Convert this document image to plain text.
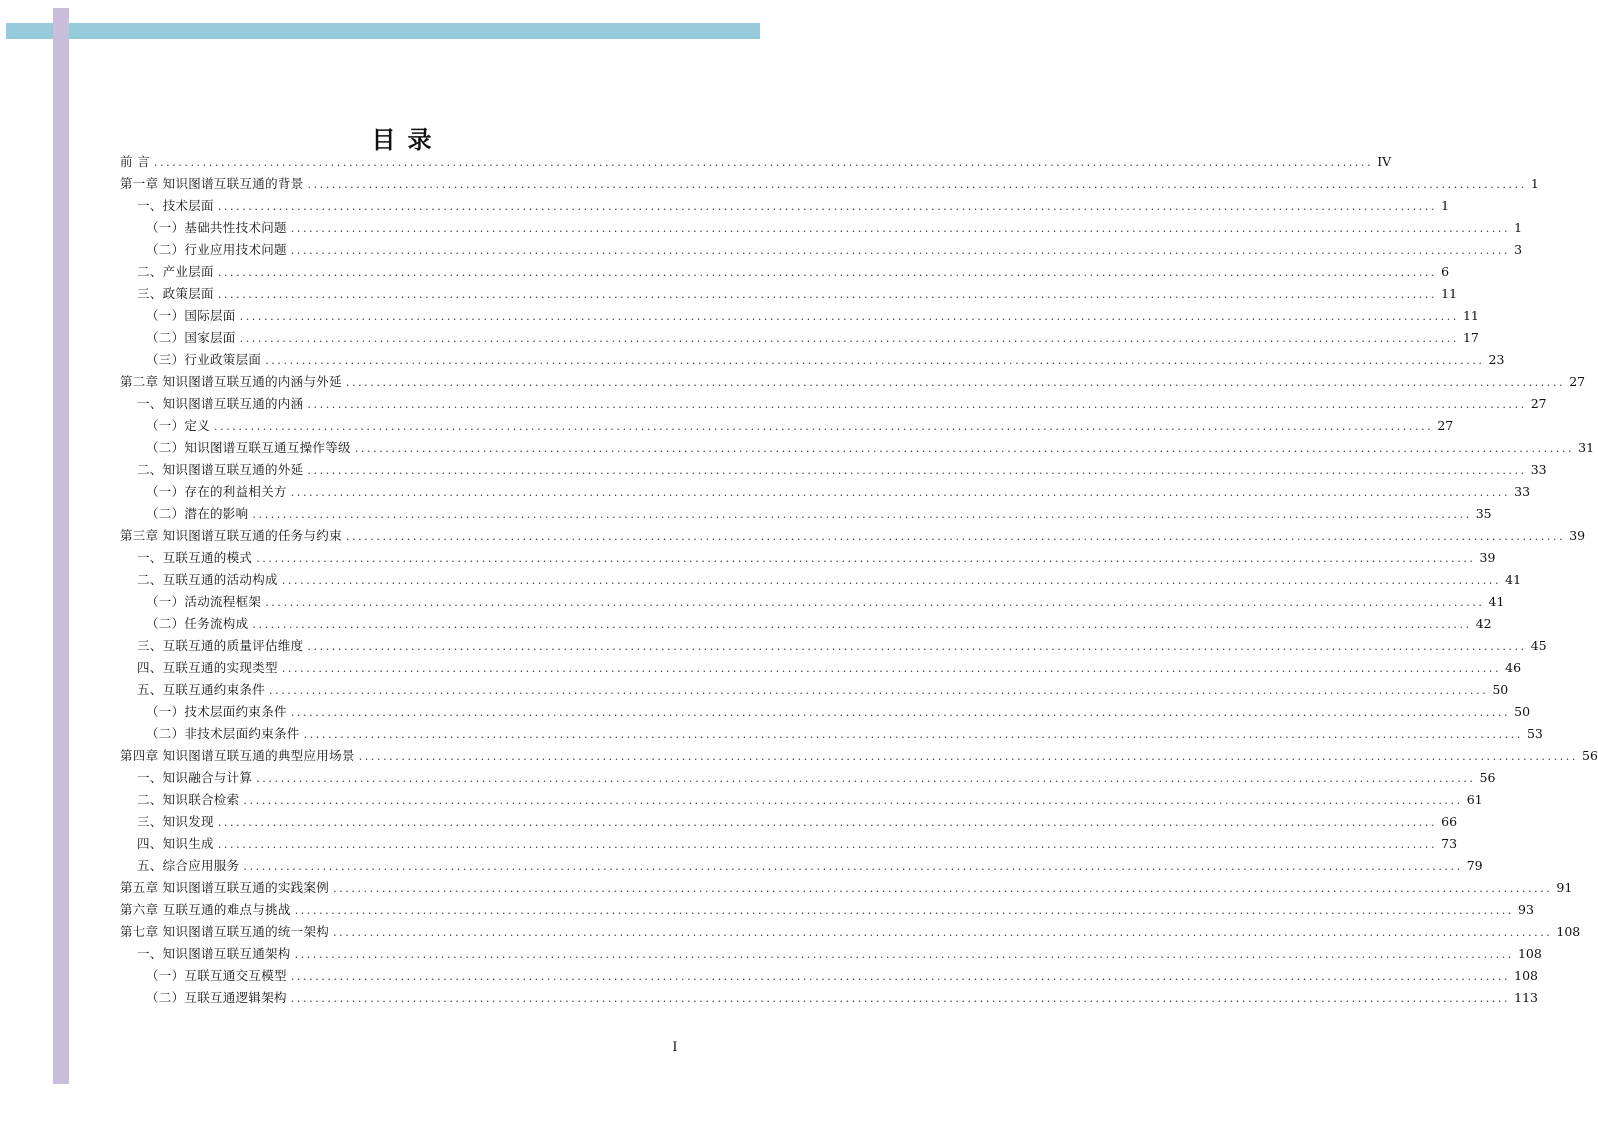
目录
前 言 ........................................................................................................................................................................................................ IV
第一章 知识图谱互联互通的背景 ........................................................................................................................................................................................................ 1
一、技术层面 ........................................................................................................................................................................................................ 1
（一）基础共性技术问题 ........................................................................................................................................................................................................ 1
（二）行业应用技术问题 ........................................................................................................................................................................................................ 3
二、产业层面 ........................................................................................................................................................................................................ 6
三、政策层面 ........................................................................................................................................................................................................ 11
（一）国际层面 ........................................................................................................................................................................................................ 11
（二）国家层面 ........................................................................................................................................................................................................ 17
（三）行业政策层面 ........................................................................................................................................................................................................ 23
第二章 知识图谱互联互通的内涵与外延 ........................................................................................................................................................................................................ 27
一、知识图谱互联互通的内涵 ........................................................................................................................................................................................................ 27
（一）定义 ........................................................................................................................................................................................................ 27
（二）知识图谱互联互通互操作等级 ........................................................................................................................................................................................................ 31
二、知识图谱互联互通的外延 ........................................................................................................................................................................................................ 33
（一）存在的利益相关方 ........................................................................................................................................................................................................ 33
（二）潜在的影响 ........................................................................................................................................................................................................ 35
第三章 知识图谱互联互通的任务与约束 ........................................................................................................................................................................................................ 39
一、互联互通的模式 ........................................................................................................................................................................................................ 39
二、互联互通的活动构成 ........................................................................................................................................................................................................ 41
（一）活动流程框架 ........................................................................................................................................................................................................ 41
（二）任务流构成 ........................................................................................................................................................................................................ 42
三、互联互通的质量评估维度 ........................................................................................................................................................................................................ 45
四、互联互通的实现类型 ........................................................................................................................................................................................................ 46
五、互联互通约束条件 ........................................................................................................................................................................................................ 50
（一）技术层面约束条件 ........................................................................................................................................................................................................ 50
（二）非技术层面约束条件 ........................................................................................................................................................................................................ 53
第四章 知识图谱互联互通的典型应用场景 ........................................................................................................................................................................................................ 56
一、知识融合与计算 ........................................................................................................................................................................................................ 56
二、知识联合检索 ........................................................................................................................................................................................................ 61
三、知识发现 ........................................................................................................................................................................................................ 66
四、知识生成 ........................................................................................................................................................................................................ 73
五、综合应用服务 ........................................................................................................................................................................................................ 79
第五章 知识图谱互联互通的实践案例 ........................................................................................................................................................................................................ 91
第六章 互联互通的难点与挑战 ........................................................................................................................................................................................................ 93
第七章 知识图谱互联互通的统一架构 ........................................................................................................................................................................................................ 108
一、知识图谱互联互通架构 ........................................................................................................................................................................................................ 108
（一）互联互通交互模型 ........................................................................................................................................................................................................ 108
（二）互联互通逻辑架构 ........................................................................................................................................................................................................ 113
I
